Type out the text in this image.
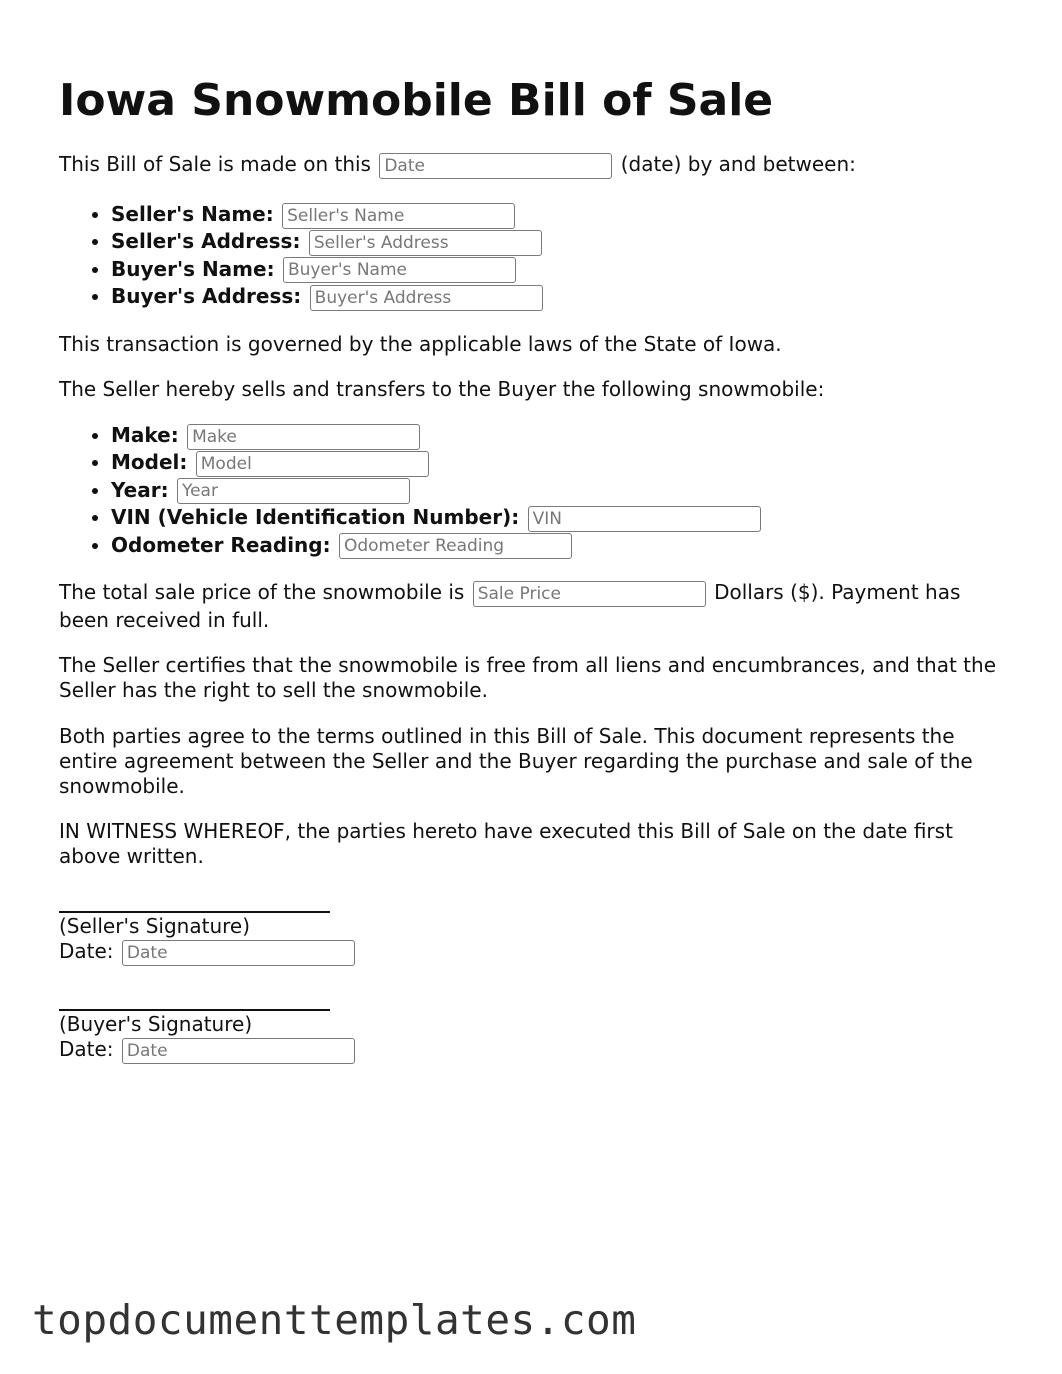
Iowa Snowmobile Bill of Sale
This Bill of Sale is made on this Date	(date) by and between:
• Seller's Name: Seller's Name
• Seller's Address: Seller's Address
• Buyer's Name: Buyer's Name
• Buyer's Address: Buyer's Address
This transaction is governed by the applicable laws of the State of Iowa.
The Seller hereby sells and transfers to the Buyer the following snowmobile:
• Make: Make
• Model: Model
• Year: Year
• VIN (Vehicle Identification Number): VIN
• Odometer Reading: Odometer Reading
The total sale price of the snowmobile is Sale Price	Dollars ($). Payment has
been received in full.
The Seller certifies that the snowmobile is free from all liens and encumbrances, and that the Seller has the right to sell the snowmobile.
Both parties agree to the terms outlined in this Bill of Sale. This document represents the entire agreement between the Seller and the Buyer regarding the purchase and sale of the snowmobile.
IN WITNESS WHEREOF, the parties hereto have executed this Bill of Sale on the date first above written.
(Seller's Signature)
Date: Date
(Buyer's Signature)
Date: Date
topdocumenttemplates.com
